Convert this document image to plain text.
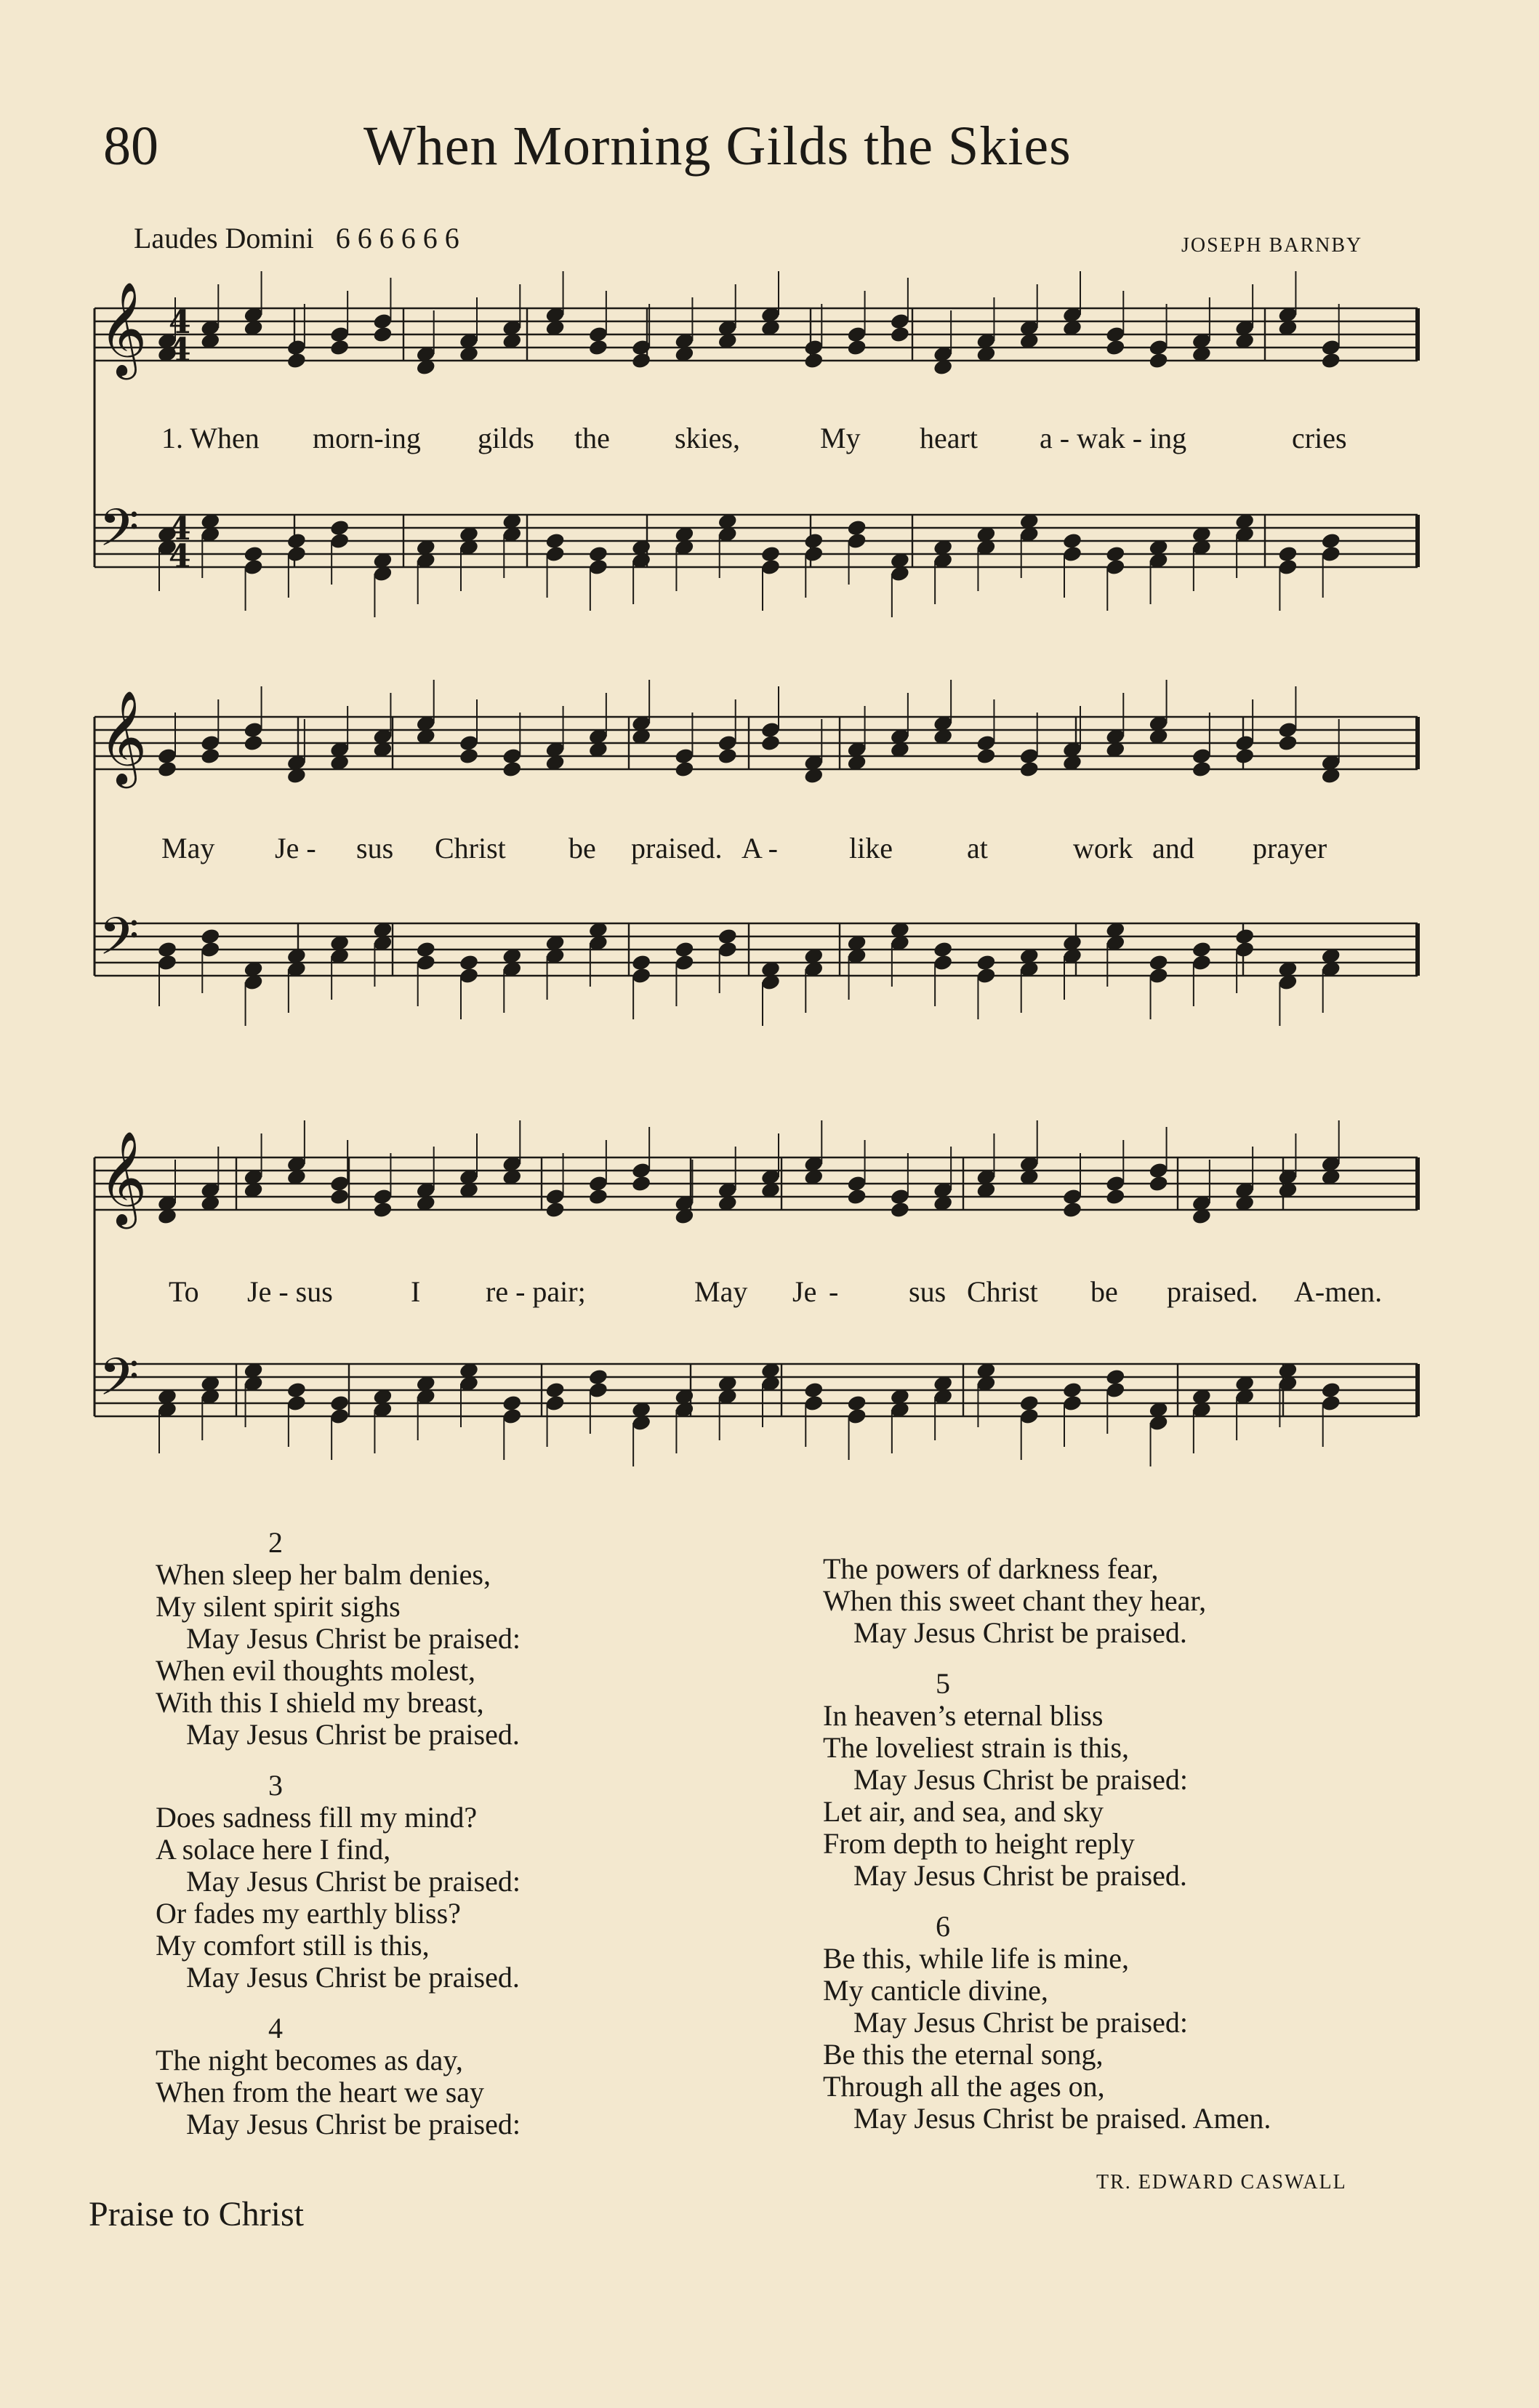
80	When Morning Gilds the Skies
Laudes Domini 6 6 6 6 6 6	JOSEPH BARNBY
𝄞
𝄢
1. When morn-ing gilds the skies,	My heart a - wak - ing	cries
𝄞
𝄢
May Je - sus Christ be praised. A - like	at	work and prayer
𝄞
𝄢
To Je - sus	I re - pair;	May Je - sus Christ be praised. A-men.
4
4
4
4
2
When sleep her balm denies,
My silent spirit sighs
May Jesus Christ be praised:
When evil thoughts molest,
With this I shield my breast,
May Jesus Christ be praised.
3
Does sadness fill my mind?
A solace here I find,
May Jesus Christ be praised:
Or fades my earthly bliss?
My comfort still is this,
May Jesus Christ be praised.
4
The night becomes as day,
When from the heart we say
May Jesus Christ be praised:
The powers of darkness fear,
When this sweet chant they hear,
May Jesus Christ be praised.
5
In heaven’s eternal bliss
The loveliest strain is this,
May Jesus Christ be praised:
Let air, and sea, and sky
From depth to height reply
May Jesus Christ be praised.
6
Be this, while life is mine,
My canticle divine,
May Jesus Christ be praised:
Be this the eternal song,
Through all the ages on,
May Jesus Christ be praised. Amen.
TR. EDWARD CASWALL
Praise to Christ
